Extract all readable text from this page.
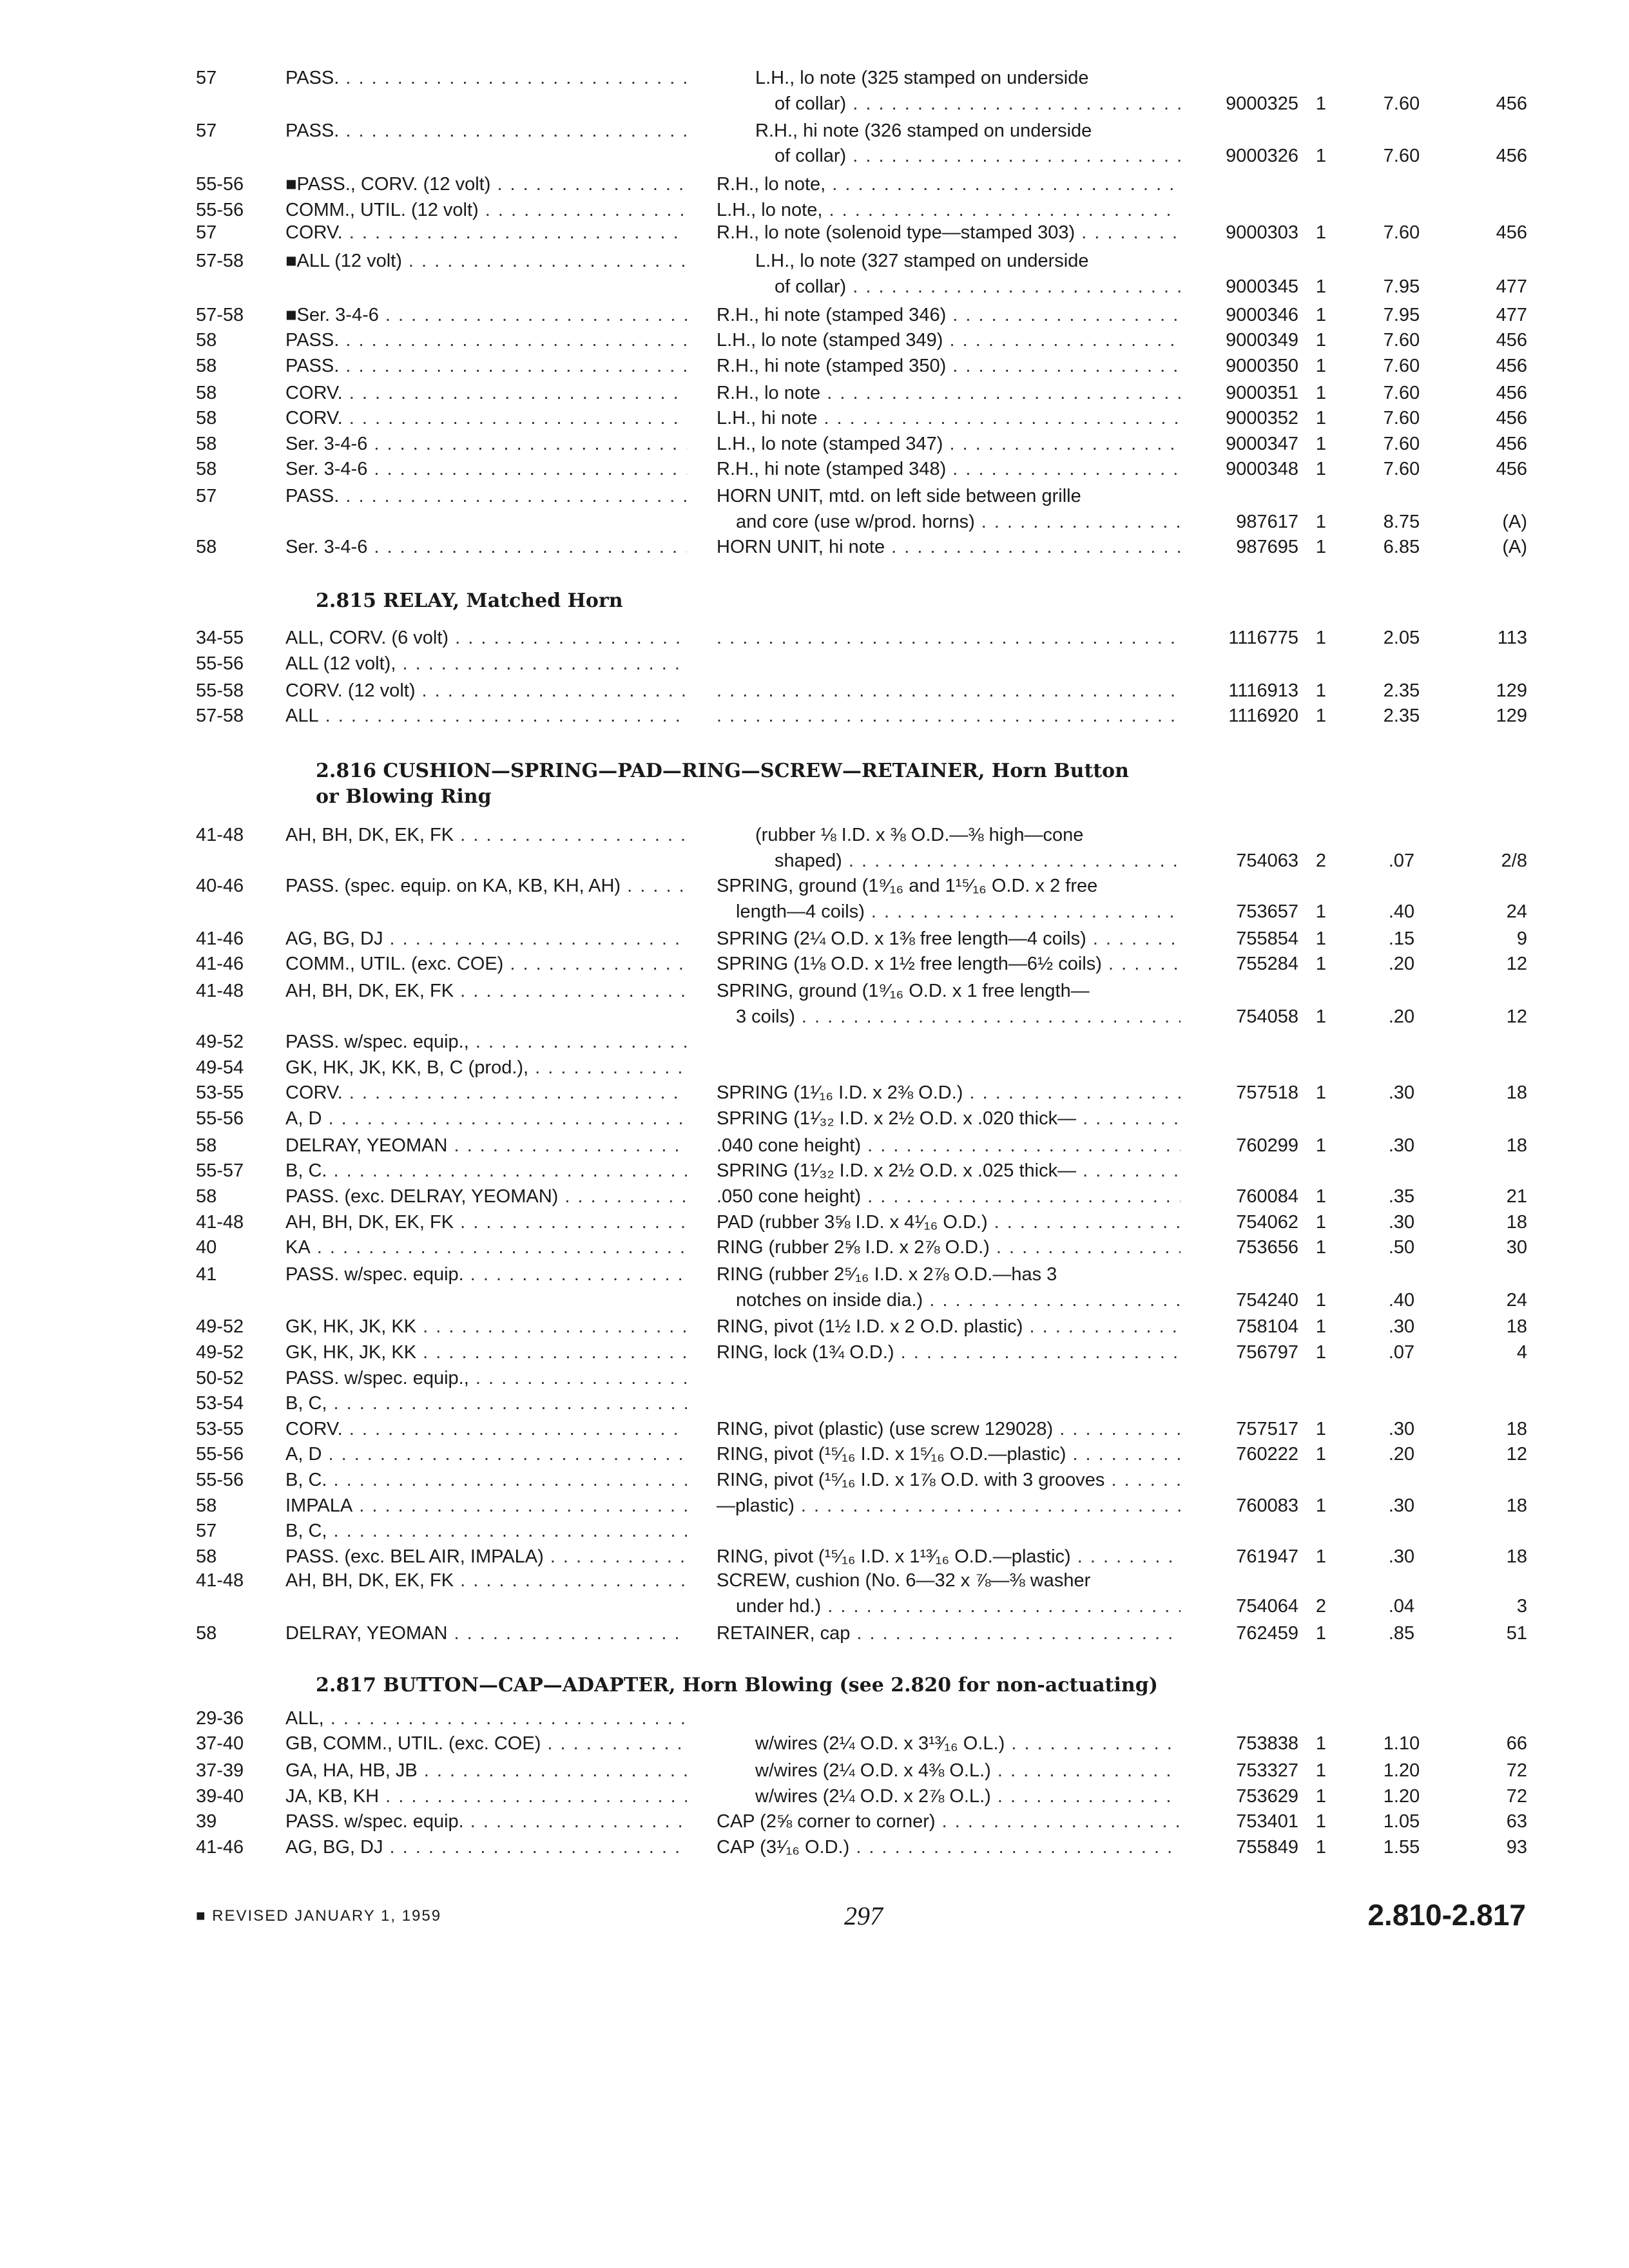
57	PASS. . . .	L.H., lo note (325 stamped on underside
of collar) . . .	9000325 1	7.60	456
57	PASS. . . .	R.H., hi note (326 stamped on underside
of collar) . . .	9000326 1	7.60	456
55-56 ■PASS., CORV. (12 volt) . . .	R.H., lo note, . . .
55-56 COMM., UTIL. (12 volt) . . .	L.H., lo note, . . .
57	CORV. . . .	R.H., lo note (solenoid type—stamped 303) . . .	9000303 1	7.60	456
57-58 ■ALL (12 volt) . . .	L.H., lo note (327 stamped on underside
of collar) . . .	9000345 1	7.95	477
57-58 ■Ser. 3-4-6 . . .	R.H., hi note (stamped 346) . . .	9000346 1	7.95	477
58	PASS. . . .	L.H., lo note (stamped 349) . . .	9000349 1	7.60	456
58	PASS. . . .	R.H., hi note (stamped 350) . . .	9000350 1	7.60	456
58	CORV. . . .	R.H., lo note . . .	9000351 1	7.60	456
58	CORV. . . .	L.H., hi note . . .	9000352 1	7.60	456
58	Ser. 3-4-6 . . .	L.H., lo note (stamped 347) . . .	9000347 1	7.60	456
58	Ser. 3-4-6 . . .	R.H., hi note (stamped 348) . . .	9000348 1	7.60	456
57	PASS. . . .	HORN UNIT, mtd. on left side between grille
and core (use w/prod. horns) . . .	987617 1	8.75	(A)
58	Ser. 3-4-6 . . .	HORN UNIT, hi note . . .	987695 1	6.85	(A)
2.815 RELAY, Matched Horn
34-55 ALL, CORV. (6 volt) . . . . . .	1116775 1	2.05	113
55-56 ALL (12 volt), . . .
55-58 CORV. (12 volt) . . . . . .	1116913 1	2.35	129
57-58 ALL . . . . . .	1116920 1	2.35	129
2.816 CUSHION—SPRING—PAD—RING—SCREW—RETAINER, Horn Button
or Blowing Ring
41-48 AH, BH, DK, EK, FK . . .	(rubber ⅛ I.D. x ⅜ O.D.—⅜ high—cone
shaped) . . .	754063 2	.07	2/8
40-46 PASS. (spec. equip. on KA, KB, KH, AH) . . .	SPRING, ground (1⁹⁄₁₆ and 1¹⁵⁄₁₆ O.D. x 2 free
length—4 coils) . . .	753657 1	.40	24
41-46 AG, BG, DJ . . .	SPRING (2¼ O.D. x 1⅜ free length—4 coils) . . .	755854 1	.15	9
41-46 COMM., UTIL. (exc. COE) . . .	SPRING (1⅛ O.D. x 1½ free length—6½ coils) . . .	755284 1	.20	12
41-48 AH, BH, DK, EK, FK . . .	SPRING, ground (1⁹⁄₁₆ O.D. x 1 free length—
3 coils) . . .	754058 1	.20	12
49-52 PASS. w/spec. equip., . . .
49-54 GK, HK, JK, KK, B, C (prod.), . . .
53-55 CORV. . . .	SPRING (1¹⁄₁₆ I.D. x 2⅜ O.D.) . . .	757518 1	.30	18
55-56 A, D . . .	SPRING (1¹⁄₃₂ I.D. x 2½ O.D. x .020 thick— . . .
58	DELRAY, YEOMAN . . .	.040 cone height) . . .	760299 1	.30	18
55-57 B, C. . . .	SPRING (1¹⁄₃₂ I.D. x 2½ O.D. x .025 thick— . . .
58	PASS. (exc. DELRAY, YEOMAN) . . .	.050 cone height) . . .	760084 1	.35	21
41-48 AH, BH, DK, EK, FK . . .	PAD (rubber 3⅝ I.D. x 4¹⁄₁₆ O.D.) . . .	754062 1	.30	18
40	KA . . .	RING (rubber 2⅝ I.D. x 2⅞ O.D.) . . .	753656 1	.50	30
41	PASS. w/spec. equip. . . .	RING (rubber 2⁵⁄₁₆ I.D. x 2⅞ O.D.—has 3
notches on inside dia.) . . .	754240 1	.40	24
49-52 GK, HK, JK, KK . . .	RING, pivot (1½ I.D. x 2 O.D. plastic) . . .	758104 1	.30	18
49-52 GK, HK, JK, KK . . .	RING, lock (1¾ O.D.) . . .	756797 1	.07	4
50-52 PASS. w/spec. equip., . . .
53-54 B, C, . . .
53-55 CORV. . . .	RING, pivot (plastic) (use screw 129028) . . .	757517 1	.30	18
55-56 A, D . . .	RING, pivot (¹⁵⁄₁₆ I.D. x 1⁵⁄₁₆ O.D.—plastic) . . .	760222 1	.20	12
55-56 B, C. . . .	RING, pivot (¹⁵⁄₁₆ I.D. x 1⅞ O.D. with 3 grooves . . .
58	IMPALA . . .	—plastic) . . .	760083 1	.30	18
57	B, C, . . .
58	PASS. (exc. BEL AIR, IMPALA) . . .	RING, pivot (¹⁵⁄₁₆ I.D. x 1¹³⁄₁₆ O.D.—plastic) . . .	761947 1	.30	18
41-48 AH, BH, DK, EK, FK . . .	SCREW, cushion (No. 6—32 x ⅞—⅜ washer
under hd.) . . .	754064 2	.04	3
58	DELRAY, YEOMAN . . .	RETAINER, cap . . .	762459 1	.85	51
2.817 BUTTON—CAP—ADAPTER, Horn Blowing (see 2.820 for non-actuating)
29-36 ALL, . . .
37-40 GB, COMM., UTIL. (exc. COE) . . .	w/wires (2¼ O.D. x 3¹³⁄₁₆ O.L.) . . .	753838 1	1.10	66
37-39 GA, HA, HB, JB . . .	w/wires (2¼ O.D. x 4⅜ O.L.) . . .	753327 1	1.20	72
39-40 JA, KB, KH . . .	w/wires (2¼ O.D. x 2⅞ O.L.) . . .	753629 1	1.20	72
39	PASS. w/spec. equip. . . .	CAP (2⅝ corner to corner) . . .	753401 1	1.05	63
41-46 AG, BG, DJ . . .	CAP (3¹⁄₁₆ O.D.) . . .	755849 1	1.55	93
■ REVISED JANUARY 1, 1959	297	2.810-2.817
